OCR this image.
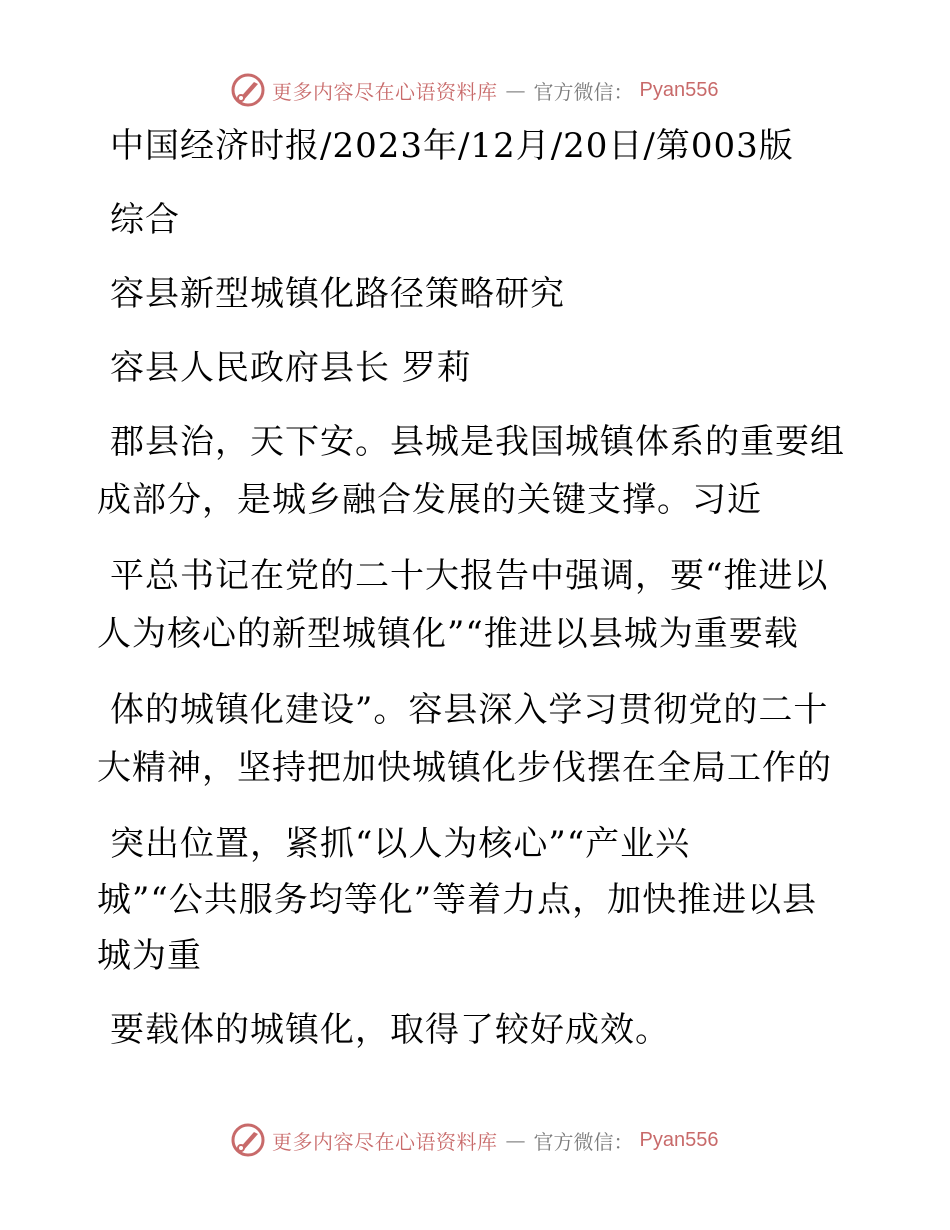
更多内容尽在心语资料库 — 官方微信： Pyan556
中国经济时报/2023年/12月/20日/第003版
综合
容县新型城镇化路径策略研究
容县人民政府县长 罗莉
郡县治，天下安。县城是我国城镇体系的重要组
成部分，是城乡融合发展的关键支撑。习近
平总书记在党的二十大报告中强调，要“推进以
人为核心的新型城镇化”“推进以县城为重要载
体的城镇化建设”。容县深入学习贯彻党的二十
大精神，坚持把加快城镇化步伐摆在全局工作的
突出位置，紧抓“以人为核心”“产业兴
城”“公共服务均等化”等着力点，加快推进以县
城为重
要载体的城镇化，取得了较好成效。
更多内容尽在心语资料库 — 官方微信： Pyan556
